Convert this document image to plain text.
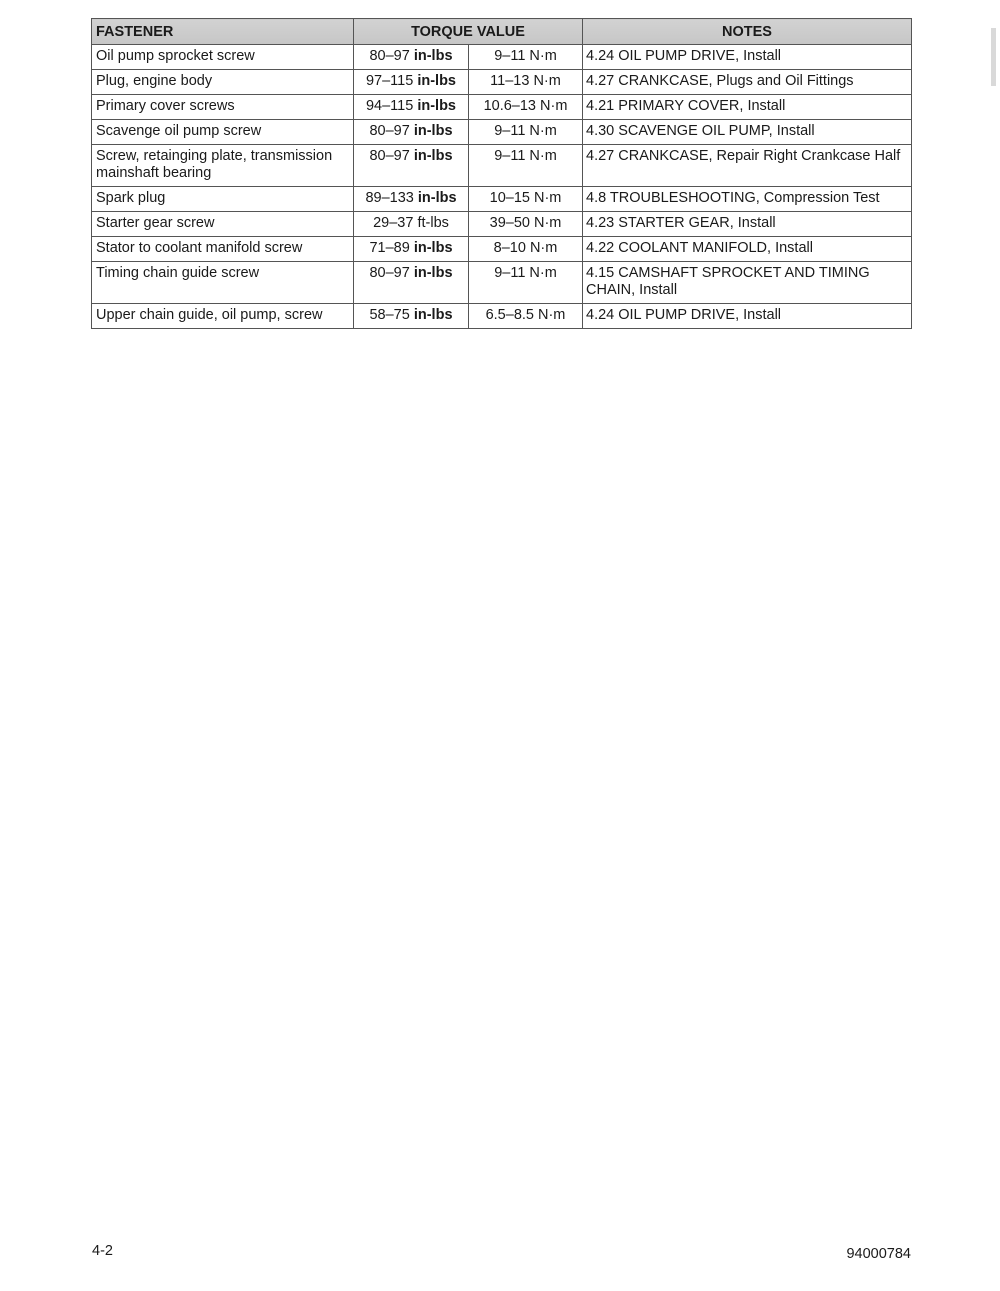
FASTENER	TORQUE VALUE		NOTES
Oil pump sprocket screw	80–97 in-lbs	9–11 N·m	4.24 OIL PUMP DRIVE, Install
Plug, engine body	97–115 in-lbs	11–13 N·m	4.27 CRANKCASE, Plugs and Oil Fittings
Primary cover screws	94–115 in-lbs	10.6–13 N·m	4.21 PRIMARY COVER, Install
Scavenge oil pump screw	80–97 in-lbs	9–11 N·m	4.30 SCAVENGE OIL PUMP, Install
Screw, retainging plate, transmission mainshaft bearing	80–97 in-lbs	9–11 N·m	4.27 CRANKCASE, Repair Right Crankcase Half
Spark plug	89–133 in-lbs	10–15 N·m	4.8 TROUBLESHOOTING, Compression Test
Starter gear screw	29–37 ft-lbs	39–50 N·m	4.23 STARTER GEAR, Install
Stator to coolant manifold screw	71–89 in-lbs	8–10 N·m	4.22 COOLANT MANIFOLD, Install
Timing chain guide screw	80–97 in-lbs	9–11 N·m	4.15 CAMSHAFT SPROCKET AND TIMING CHAIN, Install
Upper chain guide, oil pump, screw	58–75 in-lbs	6.5–8.5 N·m	4.24 OIL PUMP DRIVE, Install
4-2	94000784
